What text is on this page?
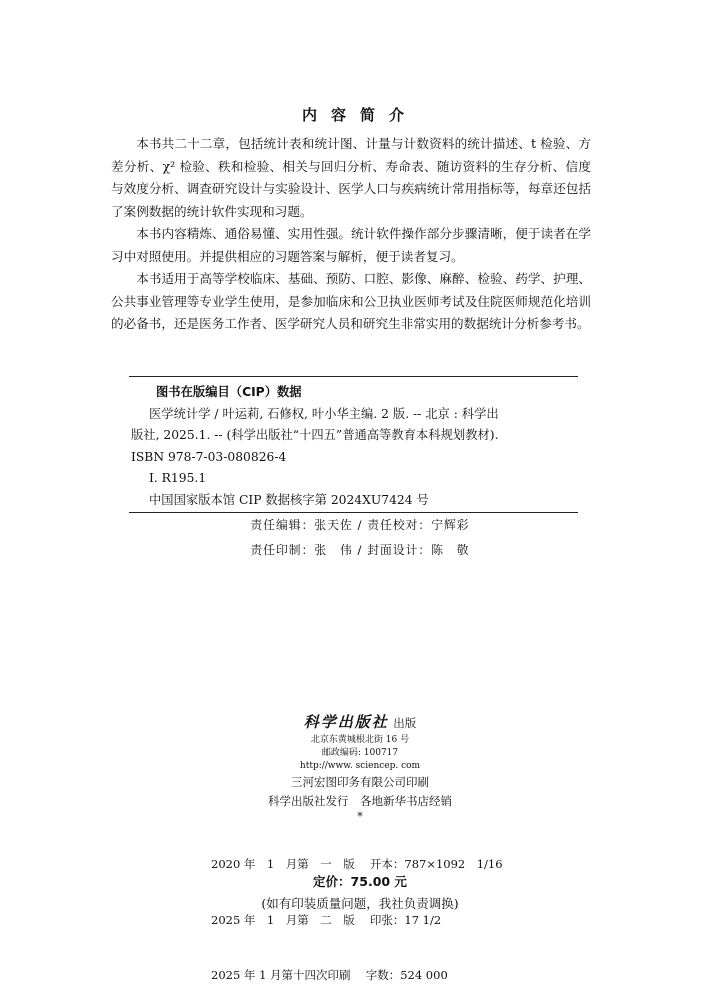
内容简介

本书共二十二章，包括统计表和统计图、计量与计数资料的统计描述、t 检验、方差分析、χ² 检验、秩和检验、相关与回归分析、寿命表、随访资料的生存分析、信度与效度分析、调查研究设计与实验设计、医学人口与疾病统计常用指标等，每章还包括了案例数据的统计软件实现和习题。

本书内容精炼、通俗易懂、实用性强。统计软件操作部分步骤清晰，便于读者在学习中对照使用。并提供相应的习题答案与解析，便于读者复习。

本书适用于高等学校临床、基础、预防、口腔、影像、麻醉、检验、药学、护理、公共事业管理等专业学生使用，是参加临床和公卫执业医师考试及住院医师规范化培训的必备书，还是医务工作者、医学研究人员和研究生非常实用的数据统计分析参考书。

图书在版编目（CIP）数据
医学统计学 / 叶运莉, 石修权, 叶小华主编. 2 版. -- 北京 : 科学出
版社, 2025.1. -- (科学出版社“十四五”普通高等教育本科规划教材).
ISBN 978-7-03-080826-4
Ⅰ. R195.1
中国国家版本馆 CIP 数据核字第 2024XU7424 号
责任编辑：张天佐 / 责任校对：宁辉彩
责任印制：张　伟 / 封面设计：陈　敬
科学出版社 出版
北京东黄城根北街 16 号
邮政编码: 100717
http://www. sciencep. com
三河宏图印务有限公司印刷
科学出版社发行　各地新华书店经销
*

2020 年　1　月第　一　版　 开本：787×1092　1/16

2025 年　1　月第　二　版　 印张：17 1/2

2025 年 1 月第十四次印刷　 字数：524 000

定价：75.00 元
(如有印装质量问题，我社负责调换)
